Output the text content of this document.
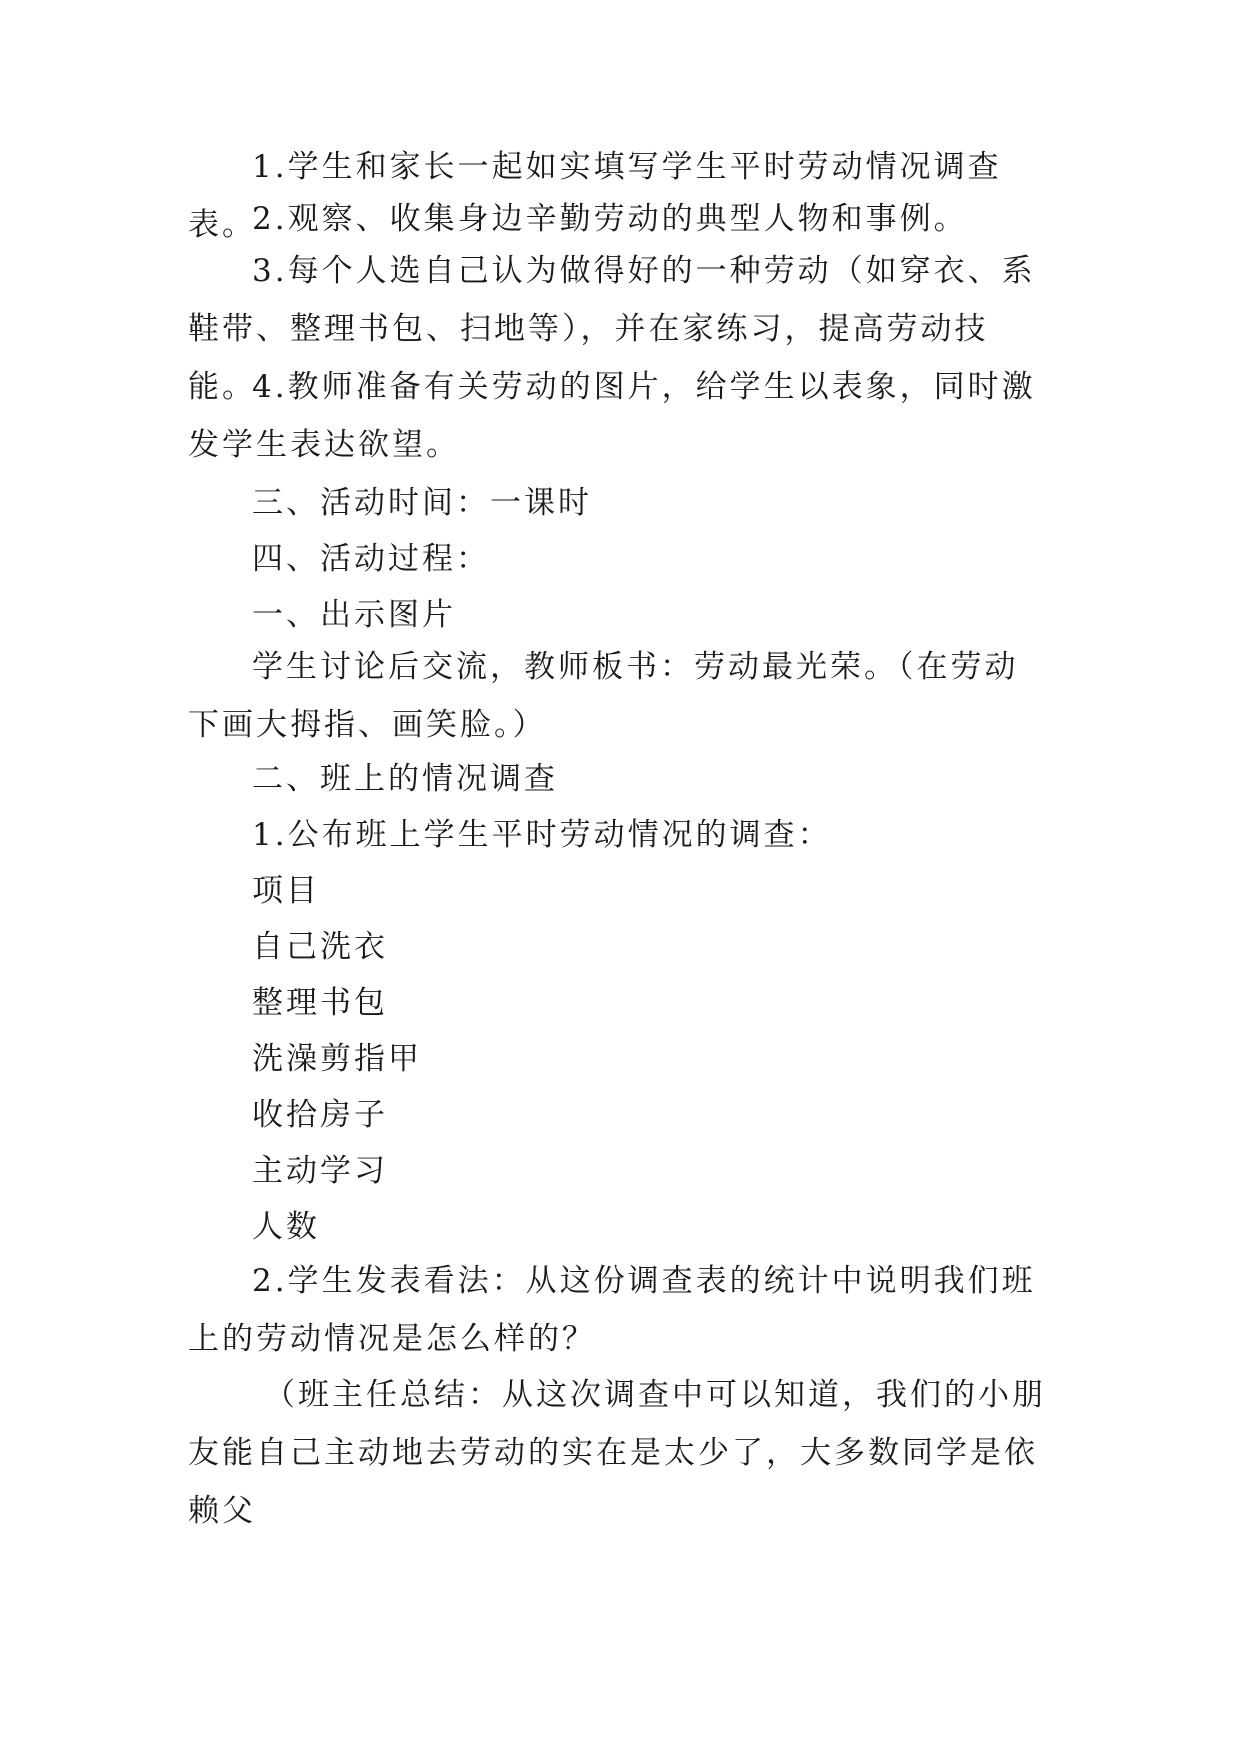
1.学生和家长一起如实填写学生平时劳动情况调查表。

2.观察、收集身边辛勤劳动的典型人物和事例。

3.每个人选自己认为做得好的一种劳动（如穿衣、系鞋带、整理书包、扫地等），并在家练习，提高劳动技能。

4.教师准备有关劳动的图片，给学生以表象，同时激发学生表达欲望。

三、活动时间：一课时

四、活动过程：

一、出示图片

学生讨论后交流，教师板书：劳动最光荣。（在劳动下画大拇指、画笑脸。）

二、班上的情况调查

1.公布班上学生平时劳动情况的调查：

项目

自己洗衣

整理书包

洗澡剪指甲

收拾房子

主动学习

人数

2.学生发表看法：从这份调查表的统计中说明我们班上的劳动情况是怎么样的？

（班主任总结：从这次调查中可以知道，我们的小朋友能自己主动地去劳动的实在是太少了，大多数同学是依赖父
